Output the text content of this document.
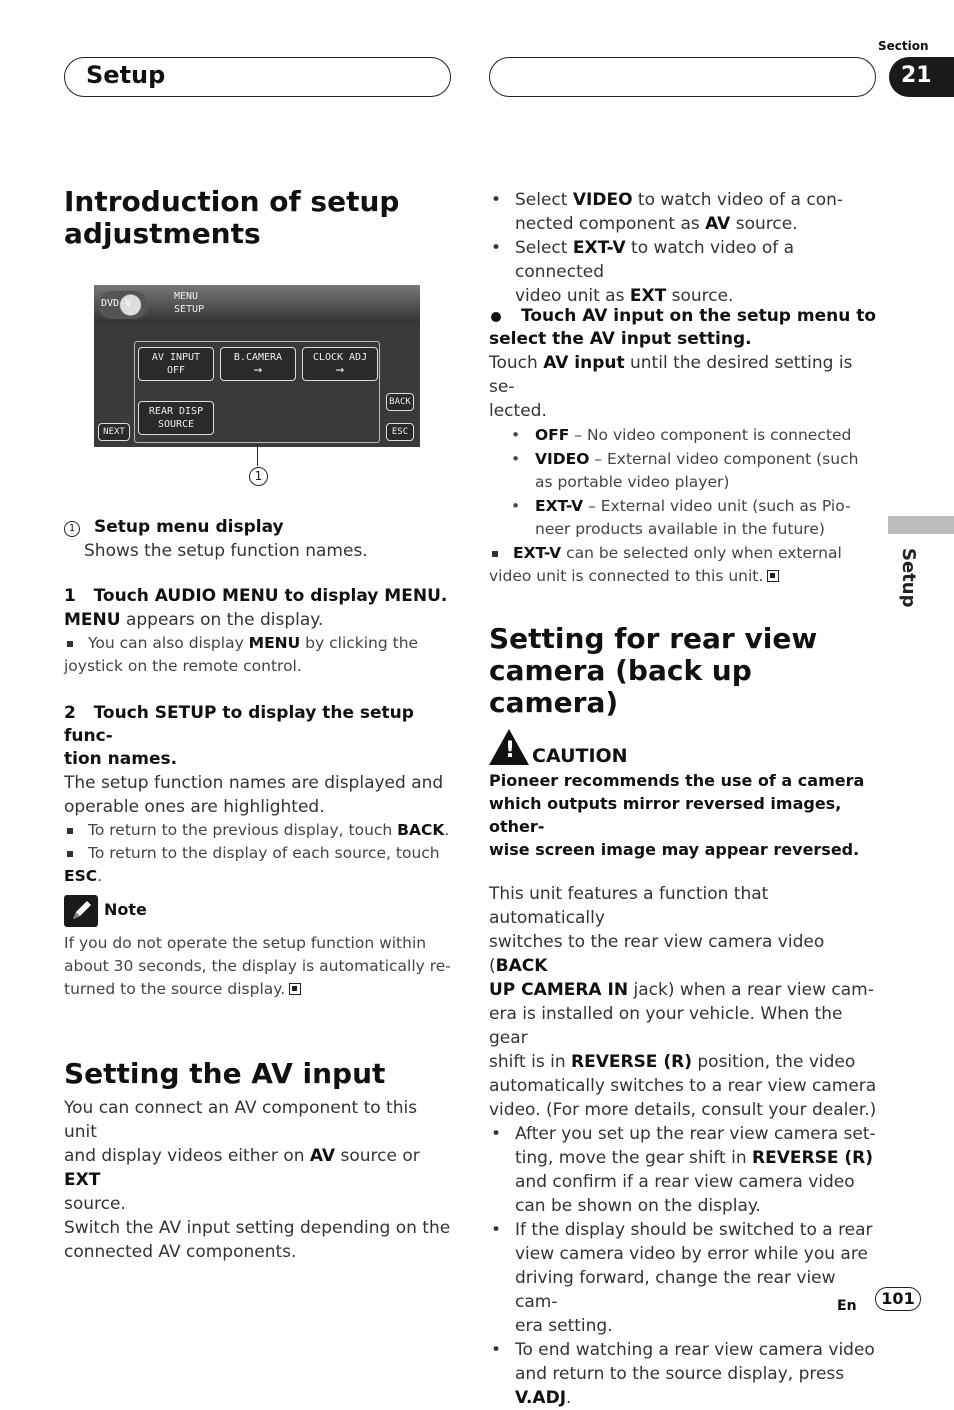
Setup
Section
21
Setup
Introduction of setup adjustments
DVD-V
MENU
SETUP
AV INPUT
OFF
B.CAMERA
→
CLOCK ADJ
→
REAR DISP
SOURCE
BACK
ESC
NEXT
1

1 Setup menu display

Shows the setup function names.

1   Touch AUDIO MENU to display MENU.

MENU appears on the display.

You can also display MENU by clicking the

joystick on the remote control.

2   Touch SETUP to display the setup func-

tion names.

The setup function names are displayed and

operable ones are highlighted.

To return to the previous display, touch BACK.

To return to the display of each source, touch

ESC.

Note

If you do not operate the setup function within

about 30 seconds, the display is automatically re-

turned to the source display.

Setting the AV input

You can connect an AV component to this unit

and display videos either on AV source or EXT

source.

Switch the AV input setting depending on the

connected AV components.

• Select VIDEO to watch video of a con-

nected component as AV source.

• Select EXT-V to watch video of a connected

video unit as EXT source.

Touch AV input on the setup menu to

select the AV input setting.

Touch AV input until the desired setting is se-

lected.

• OFF – No video component is connected

• VIDEO – External video component (such

as portable video player)

• EXT-V – External video unit (such as Pio-

neer products available in the future)

EXT-V can be selected only when external

video unit is connected to this unit.

Setting for rear view
camera (back up camera)
! CAUTION

Pioneer recommends the use of a camera

which outputs mirror reversed images, other-

wise screen image may appear reversed.

This unit features a function that automatically

switches to the rear view camera video (BACK

UP CAMERA IN jack) when a rear view cam-

era is installed on your vehicle. When the gear

shift is in REVERSE (R) position, the video

automatically switches to a rear view camera

video. (For more details, consult your dealer.)

• After you set up the rear view camera set-

ting, move the gear shift in REVERSE (R)

and confirm if a rear view camera video

can be shown on the display.

• If the display should be switched to a rear

view camera video by error while you are

driving forward, change the rear view cam-

era setting.

• To end watching a rear view camera video

and return to the source display, press

V.ADJ.

En	101
